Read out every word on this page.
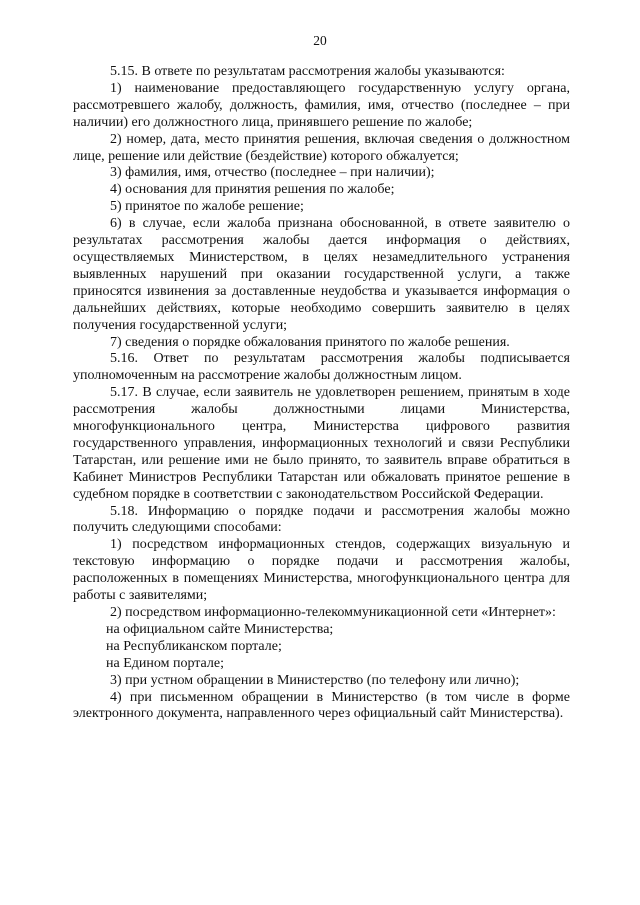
20

5.15. В ответе по результатам рассмотрения жалобы указываются:

1) наименование предоставляющего государственную услугу органа, рассмотревшего жалобу, должность, фамилия, имя, отчество (последнее – при наличии) его должностного лица, принявшего решение по жалобе;

2) номер, дата, место принятия решения, включая сведения о должностном лице, решение или действие (бездействие) которого обжалуется;

3) фамилия, имя, отчество (последнее – при наличии);

4) основания для принятия решения по жалобе;

5) принятое по жалобе решение;

6) в случае, если жалоба признана обоснованной, в ответе заявителю о результатах рассмотрения жалобы дается информация о действиях, осуществляемых Министерством, в целях незамедлительного устранения выявленных нарушений при оказании государственной услуги, а также приносятся извинения за доставленные неудобства и указывается информация о дальнейших действиях, которые необходимо совершить заявителю в целях получения государственной услуги;

7) сведения о порядке обжалования принятого по жалобе решения.

5.16. Ответ по результатам рассмотрения жалобы подписывается уполномоченным на рассмотрение жалобы должностным лицом.

5.17. В случае, если заявитель не удовлетворен решением, принятым в ходе рассмотрения жалобы должностными лицами Министерства, многофункционального центра, Министерства цифрового развития государственного управления, информационных технологий и связи Республики Татарстан, или решение ими не было принято, то заявитель вправе обратиться в Кабинет Министров Республики Татарстан или обжаловать принятое решение в судебном порядке в соответствии с законодательством Российской Федерации.

5.18. Информацию о порядке подачи и рассмотрения жалобы можно получить следующими способами:

1) посредством информационных стендов, содержащих визуальную и текстовую информацию о порядке подачи и рассмотрения жалобы, расположенных в помещениях Министерства, многофункционального центра для работы с заявителями;

2) посредством информационно-телекоммуникационной сети «Интернет»:

на официальном сайте Министерства;

на Республиканском портале;

на Едином портале;

3) при устном обращении в Министерство (по телефону или лично);

4) при письменном обращении в Министерство (в том числе в форме электронного документа, направленного через официальный сайт Министерства).
